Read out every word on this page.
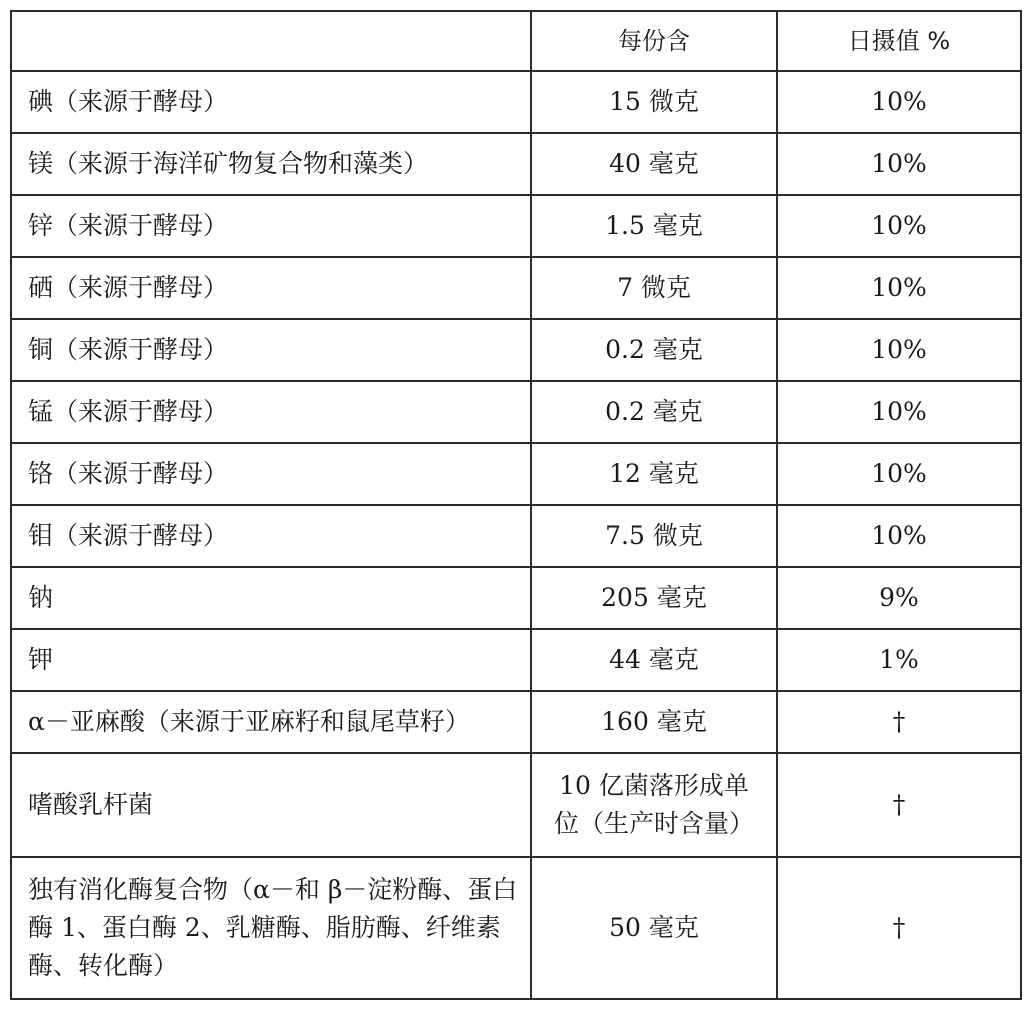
	每份含	日摄值 %
碘（来源于酵母）	15 微克	10%
镁（来源于海洋矿物复合物和藻类）	40 毫克	10%
锌（来源于酵母）	1.5 毫克	10%
硒（来源于酵母）	7 微克	10%
铜（来源于酵母）	0.2 毫克	10%
锰（来源于酵母）	0.2 毫克	10%
铬（来源于酵母）	12 毫克	10%
钼（来源于酵母）	7.5 微克	10%
钠	205 毫克	9%
钾	44 毫克	1%
α－亚麻酸（来源于亚麻籽和鼠尾草籽）	160 毫克	†
嗜酸乳杆菌	10 亿菌落形成单位（生产时含量）	†
独有消化酶复合物（α－和 β－淀粉酶、蛋白酶 1、蛋白酶 2、乳糖酶、脂肪酶、纤维素酶、转化酶）	50 毫克	†
